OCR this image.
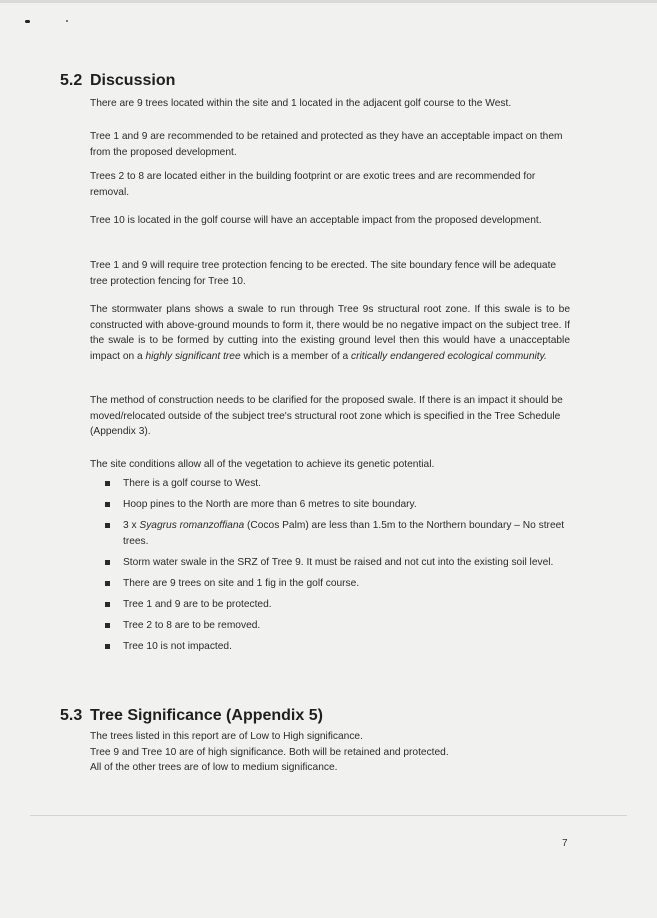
5.2 Discussion

There are 9 trees located within the site and 1 located in the adjacent golf course to the West.

Tree 1 and 9 are recommended to be retained and protected as they have an acceptable impact on them from the proposed development.

Trees 2 to 8 are located either in the building footprint or are exotic trees and are recommended for removal.

Tree 10 is located in the golf course will have an acceptable impact from the proposed development.

Tree 1 and 9 will require tree protection fencing to be erected. The site boundary fence will be adequate tree protection fencing for Tree 10.

The stormwater plans shows a swale to run through Tree 9s structural root zone. If this swale is to be constructed with above-ground mounds to form it, there would be no negative impact on the subject tree. If the swale is to be formed by cutting into the existing ground level then this would have a unacceptable impact on a highly significant tree which is a member of a critically endangered ecological community.

The method of construction needs to be clarified for the proposed swale. If there is an impact it should be moved/relocated outside of the subject tree's structural root zone which is specified in the Tree Schedule (Appendix 3).

The site conditions allow all of the vegetation to achieve its genetic potential.

There is a golf course to West.
Hoop pines to the North are more than 6 metres to site boundary.
3 x Syagrus romanzoffiana (Cocos Palm) are less than 1.5m to the Northern boundary – No street trees.
Storm water swale in the SRZ of Tree 9. It must be raised and not cut into the existing soil level.
There are 9 trees on site and 1 fig in the golf course.
Tree 1 and 9 are to be protected.
Tree 2 to 8 are to be removed.
Tree 10 is not impacted.
5.3 Tree Significance (Appendix 5)
The trees listed in this report are of Low to High significance.
Tree 9 and Tree 10 are of high significance. Both will be retained and protected.
All of the other trees are of low to medium significance.
7
